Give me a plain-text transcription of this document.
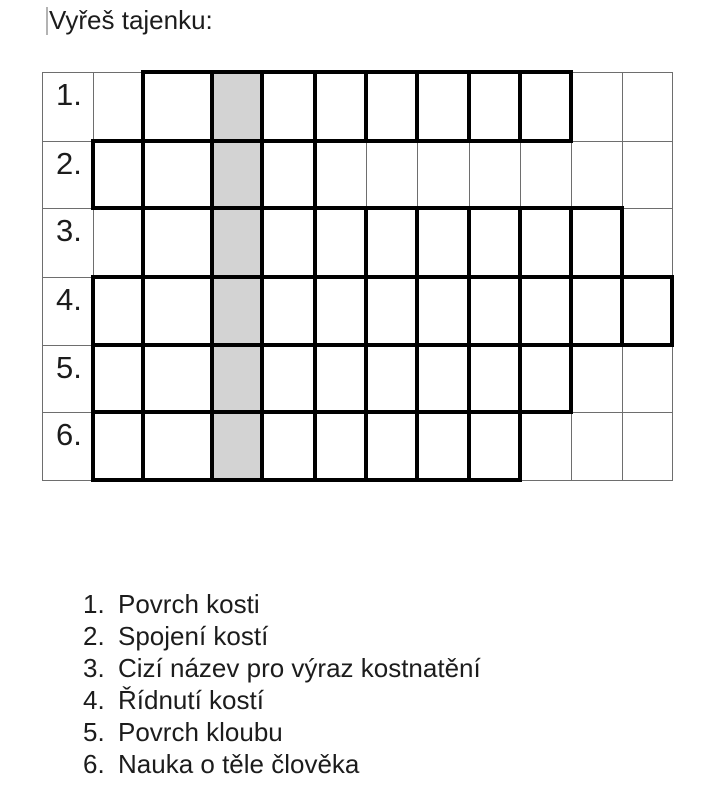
Vyřeš tajenku:
1.
2.
3.
4.
5.
6.
1. Povrch kosti
2. Spojení kostí
3. Cizí název pro výraz kostnatění
4. Řídnutí kostí
5. Povrch kloubu
6. Nauka o těle člověka
